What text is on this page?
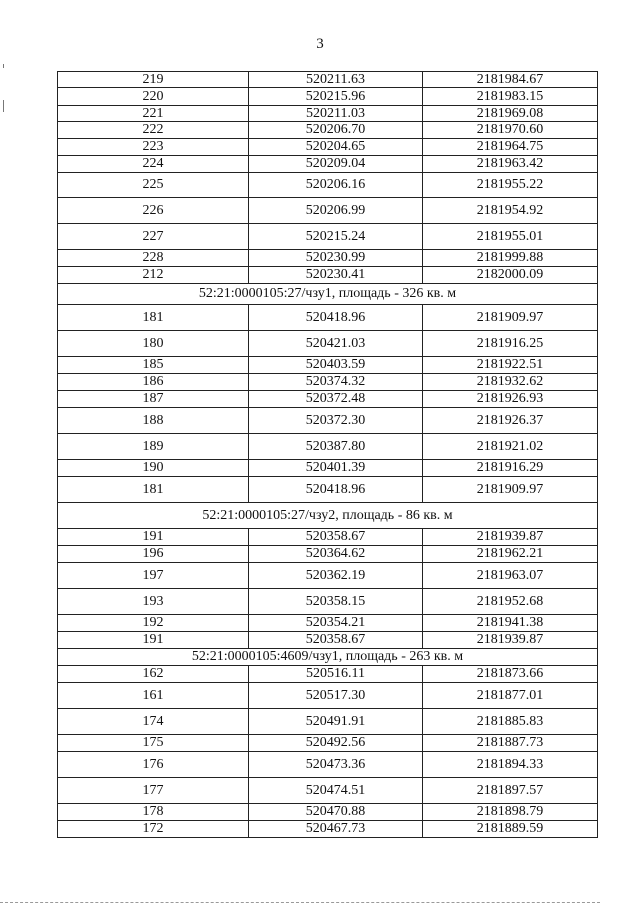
3
219	520211.63	2181984.67
220	520215.96	2181983.15
221	520211.03	2181969.08
222	520206.70	2181970.60
223	520204.65	2181964.75
224	520209.04	2181963.42
225	520206.16	2181955.22
226	520206.99	2181954.92
227	520215.24	2181955.01
228	520230.99	2181999.88
212	520230.41	2182000.09
52:21:0000105:27/чзу1, площадь - 326 кв. м		
181	520418.96	2181909.97
180	520421.03	2181916.25
185	520403.59	2181922.51
186	520374.32	2181932.62
187	520372.48	2181926.93
188	520372.30	2181926.37
189	520387.80	2181921.02
190	520401.39	2181916.29
181	520418.96	2181909.97
52:21:0000105:27/чзу2, площадь - 86 кв. м		
191	520358.67	2181939.87
196	520364.62	2181962.21
197	520362.19	2181963.07
193	520358.15	2181952.68
192	520354.21	2181941.38
191	520358.67	2181939.87
52:21:0000105:4609/чзу1, площадь - 263 кв. м		
162	520516.11	2181873.66
161	520517.30	2181877.01
174	520491.91	2181885.83
175	520492.56	2181887.73
176	520473.36	2181894.33
177	520474.51	2181897.57
178	520470.88	2181898.79
172	520467.73	2181889.59
